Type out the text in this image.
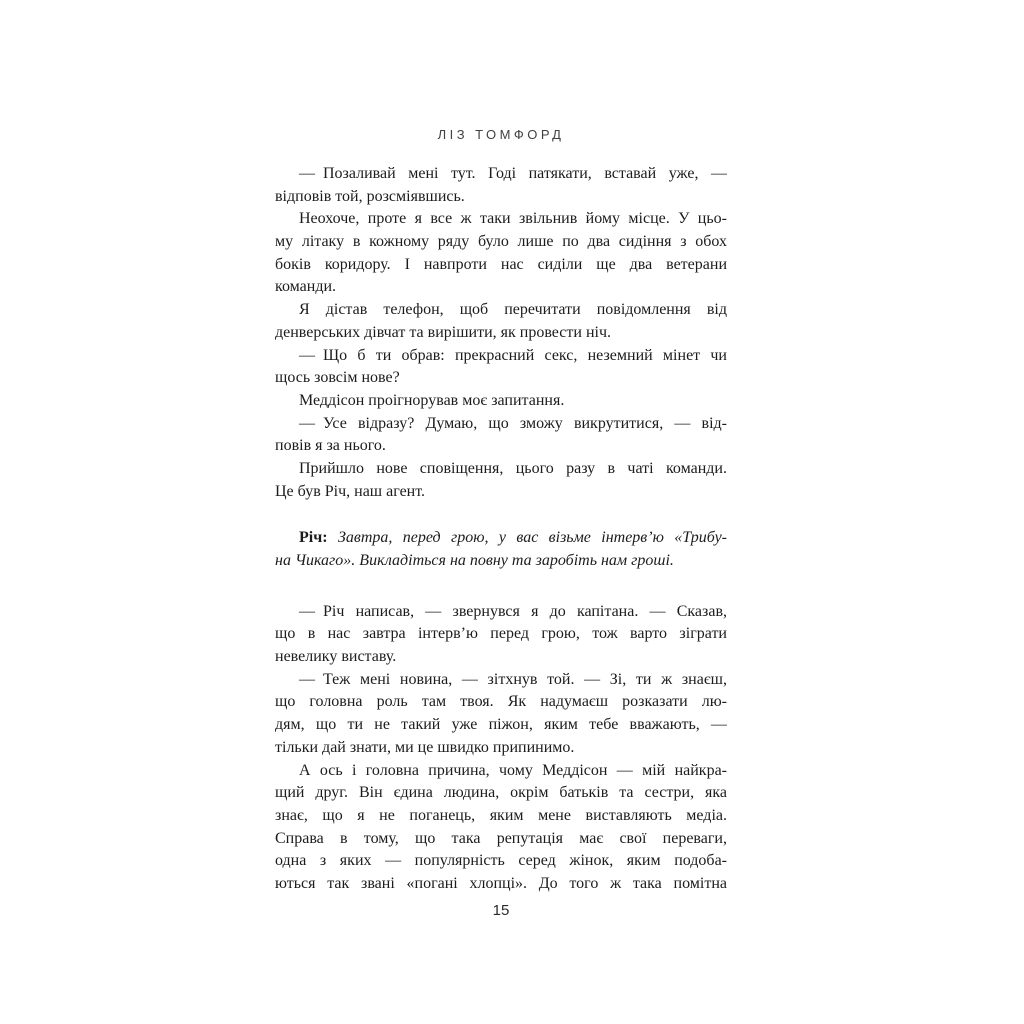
ЛІЗ ТОМФОРД
— Позаливай мені тут. Годі патякати, вставай уже, —
відповів той, розсміявшись.
Неохоче, проте я все ж таки звільнив йому місце. У цьо-
му літаку в кожному ряду було лише по два сидіння з обох
боків коридору. І навпроти нас сиділи ще два ветерани
команди.
Я дістав телефон, щоб перечитати повідомлення від
денверських дівчат та вирішити, як провести ніч.
— Що б ти обрав: прекрасний секс, неземний мінет чи
щось зовсім нове?
Меддісон проігнорував моє запитання.
— Усе відразу? Думаю, що зможу викрутитися, — від-
повів я за нього.
Прийшло нове сповіщення, цього разу в чаті команди.
Це був Річ, наш агент.
Річ: Завтра, перед грою, у вас візьме інтерв’ю «Трибу-
на Чикаго». Викладіться на повну та заробіть нам гроші.
— Річ написав, — звернувся я до капітана. — Сказав,
що в нас завтра інтерв’ю перед грою, тож варто зіграти
невелику виставу.
— Теж мені новина, — зітхнув той. — Зі, ти ж знаєш,
що головна роль там твоя. Як надумаєш розказати лю-
дям, що ти не такий уже піжон, яким тебе вважають, —
тільки дай знати, ми це швидко припинимо.
А ось і головна причина, чому Меддісон — мій найкра-
щий друг. Він єдина людина, окрім батьків та сестри, яка
знає, що я не поганець, яким мене виставляють медіа.
Справа в тому, що така репутація має свої переваги,
одна з яких — популярність серед жінок, яким подоба-
ються так звані «погані хлопці». До того ж така помітна
15
